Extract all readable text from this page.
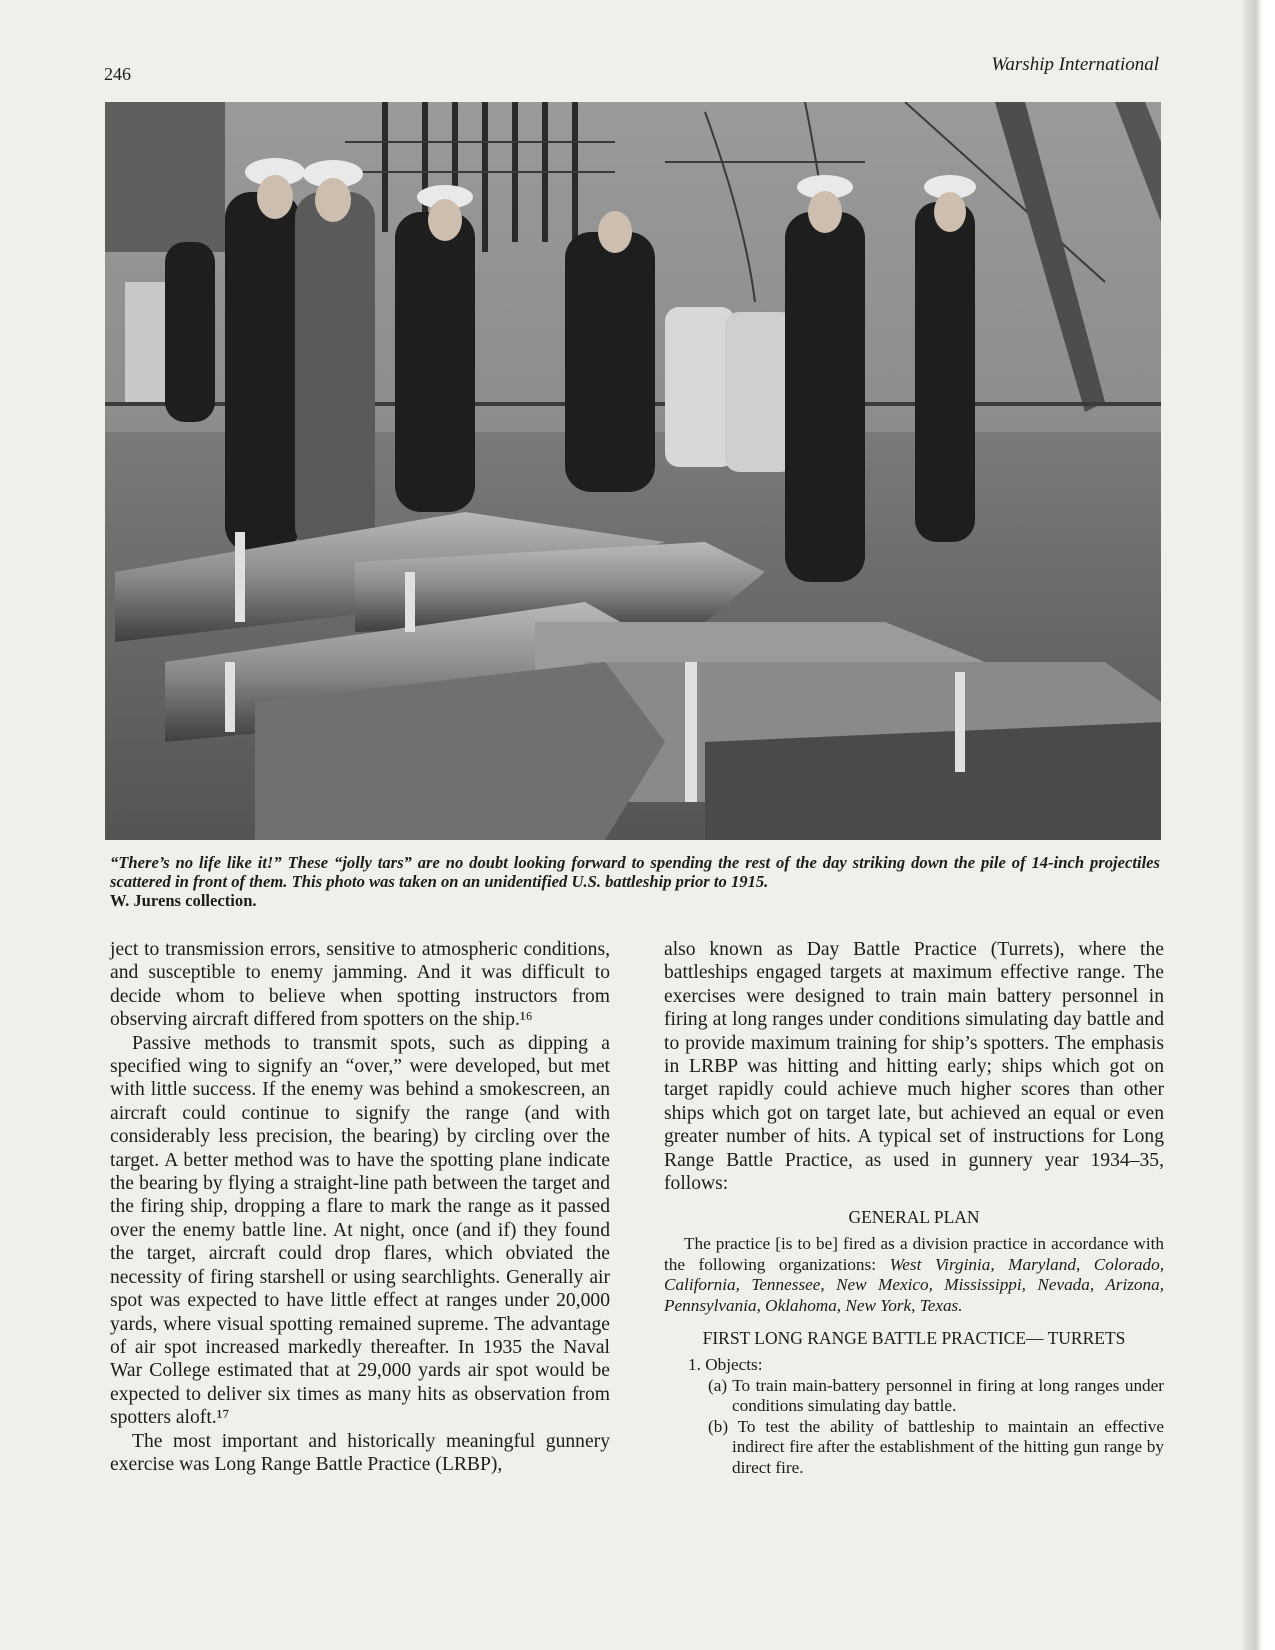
246	Warship International
“There’s no life like it!” These “jolly tars” are no doubt looking forward to spending the rest of the day striking down the pile of 14-inch projectiles scattered in front of them. This photo was taken on an unidentified U.S. battleship prior to 1915.
W. Jurens collection.

ject to transmission errors, sensitive to atmospheric conditions, and susceptible to enemy jamming. And it was difficult to decide whom to believe when spotting instructors from observing aircraft differed from spotters on the ship.¹⁶

Passive methods to transmit spots, such as dipping a specified wing to signify an “over,” were developed, but met with little success. If the enemy was behind a smokescreen, an aircraft could continue to signify the range (and with considerably less precision, the bearing) by circling over the target. A better method was to have the spotting plane indicate the bearing by flying a straight-line path between the target and the firing ship, dropping a flare to mark the range as it passed over the enemy battle line. At night, once (and if) they found the target, aircraft could drop flares, which obviated the necessity of firing starshell or using searchlights. Generally air spot was expected to have little effect at ranges under 20,000 yards, where visual spotting remained supreme. The advantage of air spot increased markedly thereafter. In 1935 the Naval War College estimated that at 29,000 yards air spot would be expected to deliver six times as many hits as observation from spotters aloft.¹⁷

The most important and historically meaningful gunnery exercise was Long Range Battle Practice (LRBP),

also known as Day Battle Practice (Turrets), where the battleships engaged targets at maximum effective range. The exercises were designed to train main battery personnel in firing at long ranges under conditions simulating day battle and to provide maximum training for ship’s spotters. The emphasis in LRBP was hitting and hitting early; ships which got on target rapidly could achieve much higher scores than other ships which got on target late, but achieved an equal or even greater number of hits. A typical set of instructions for Long Range Battle Practice, as used in gunnery year 1934–35, follows:

GENERAL PLAN

The practice [is to be] fired as a division practice in accordance with the following organizations: West Virginia, Maryland, Colorado, California, Tennessee, New Mexico, Mississippi, Nevada, Arizona, Pennsylvania, Oklahoma, New York, Texas.

FIRST LONG RANGE BATTLE PRACTICE— TURRETS
1. Objects:
(a) To train main-battery personnel in firing at long ranges under conditions simulating day battle.
(b) To test the ability of battleship to maintain an effective indirect fire after the establishment of the hitting gun range by direct fire.
